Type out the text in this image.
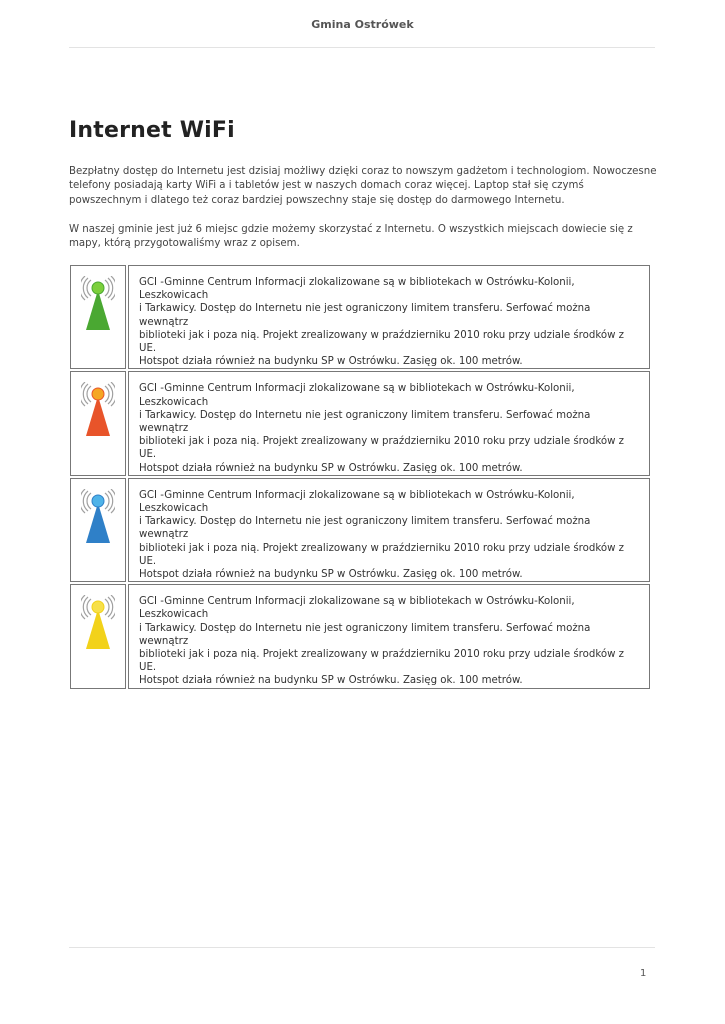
Gmina Ostrówek
Internet WiFi

Bezpłatny dostęp do Internetu jest dzisiaj możliwy dzięki coraz to nowszym gadżetom i technologiom. Nowoczesne telefony posiadają karty WiFi a i tabletów jest w naszych domach coraz więcej. Laptop stał się czymś powszechnym i dlatego też coraz bardziej powszechny staje się dostęp do darmowego Internetu.

W naszej gminie jest już 6 miejsc gdzie możemy skorzystać z Internetu. O wszystkich miejscach dowiecie się z mapy, którą przygotowaliśmy wraz z opisem.

GCI -Gminne Centrum Informacji zlokalizowane są w bibliotekach w Ostrówku-Kolonii, Leszkowicach
i Tarkawicy. Dostęp do Internetu nie jest ograniczony limitem transferu. Serfować można wewnątrz
biblioteki jak i poza nią. Projekt zrealizowany w praździerniku 2010 roku przy udziale środków z UE.
Hotspot działa również na budynku SP w Ostrówku. Zasięg ok. 100 metrów.

GCI -Gminne Centrum Informacji zlokalizowane są w bibliotekach w Ostrówku-Kolonii, Leszkowicach
i Tarkawicy. Dostęp do Internetu nie jest ograniczony limitem transferu. Serfować można wewnątrz
biblioteki jak i poza nią. Projekt zrealizowany w praździerniku 2010 roku przy udziale środków z UE.
Hotspot działa również na budynku SP w Ostrówku. Zasięg ok. 100 metrów.

GCI -Gminne Centrum Informacji zlokalizowane są w bibliotekach w Ostrówku-Kolonii, Leszkowicach
i Tarkawicy. Dostęp do Internetu nie jest ograniczony limitem transferu. Serfować można wewnątrz
biblioteki jak i poza nią. Projekt zrealizowany w praździerniku 2010 roku przy udziale środków z UE.
Hotspot działa również na budynku SP w Ostrówku. Zasięg ok. 100 metrów.

GCI -Gminne Centrum Informacji zlokalizowane są w bibliotekach w Ostrówku-Kolonii, Leszkowicach
i Tarkawicy. Dostęp do Internetu nie jest ograniczony limitem transferu. Serfować można wewnątrz
biblioteki jak i poza nią. Projekt zrealizowany w praździerniku 2010 roku przy udziale środków z UE.
Hotspot działa również na budynku SP w Ostrówku. Zasięg ok. 100 metrów.
1
